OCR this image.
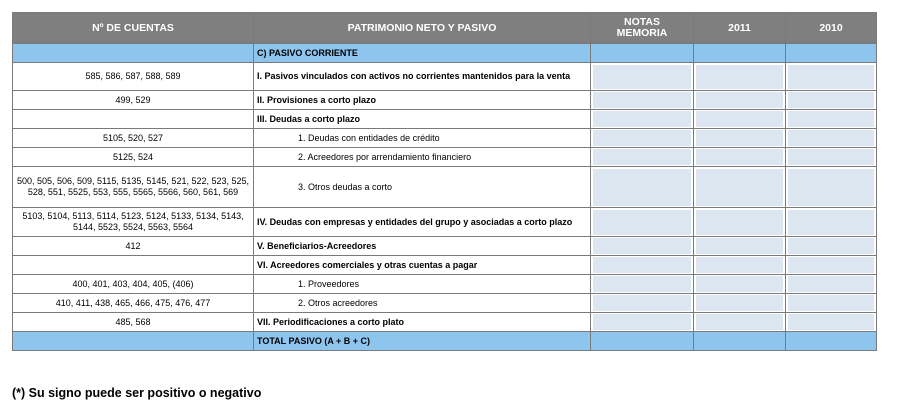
Nº DE CUENTAS	PATRIMONIO NETO Y PASIVO	NOTAS
MEMORIA	2011	2010
	C) PASIVO CORRIENTE			
585, 586, 587, 588, 589	I. Pasivos vinculados con activos no corrientes mantenidos para la venta	

499, 529	II. Provisiones a corto plazo	

	III. Deudas a corto plazo	

5105, 520, 527	1. Deudas con entidades de crédito	

5125, 524	2. Acreedores por arrendamiento financiero	

500, 505, 506, 509, 5115, 5135, 5145, 521, 522, 523, 525, 528, 551, 5525, 553, 555, 5565, 5566, 560, 561, 569	3. Otros deudas a corto	

5103, 5104, 5113, 5114, 5123, 5124, 5133, 5134, 5143, 5144, 5523, 5524, 5563, 5564	IV. Deudas con empresas y entidades del grupo y asociadas a corto plazo	

412	V. Beneficiarios-Acreedores	

	VI. Acreedores comerciales y otras cuentas a pagar	

400, 401, 403, 404, 405, (406)	1. Proveedores	

410, 411, 438, 465, 466, 475, 476, 477	2. Otros acreedores	

485, 568	VII. Periodificaciones a corto plato	

	TOTAL PASIVO (A + B + C)			
(*) Su signo puede ser positivo o negativo
